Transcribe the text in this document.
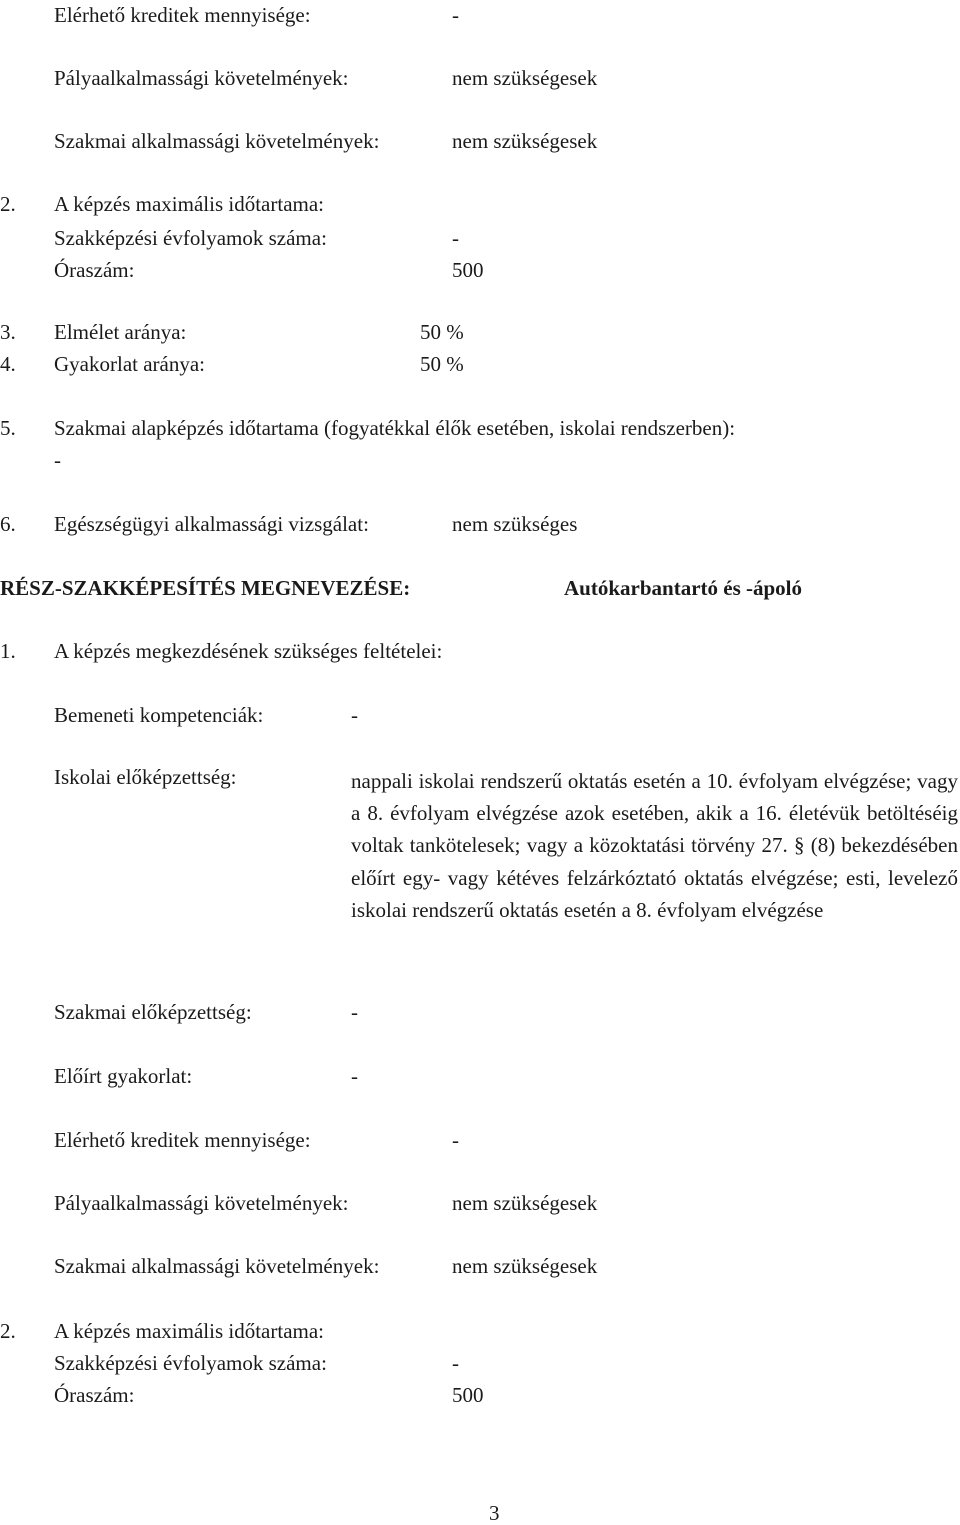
Elérhető kreditek mennyisége:	-
Pályaalkalmassági követelmények:	nem szükségesek
Szakmai alkalmassági követelmények:	nem szükségesek
2. A képzés maximális időtartama:
Szakképzési évfolyamok száma:	-
Óraszám:	500
3. Elmélet aránya:	50 %
4. Gyakorlat aránya:	50 %
5. Szakmai alapképzés időtartama (fogyatékkal élők esetében, iskolai rendszerben):
-
6. Egészségügyi alkalmassági vizsgálat:	nem szükséges
RÉSZ-SZAKKÉPESÍTÉS MEGNEVEZÉSE:	Autókarbantartó és -ápoló
1. A képzés megkezdésének szükséges feltételei:
Bemeneti kompetenciák:	-
Iskolai előképzettség:	nappali iskolai rendszerű oktatás esetén a 10. évfolyam elvégzése; vagy a 8. évfolyam elvégzése azok esetében, akik a 16. életévük betöltéséig voltak tankötelesek; vagy a közoktatási törvény 27. § (8) bekezdésében előírt egy- vagy kétéves felzárkóztató oktatás elvégzése; esti, levelező iskolai rendszerű oktatás esetén a 8. évfolyam elvégzése
Szakmai előképzettség:	-
Előírt gyakorlat:	-
Elérhető kreditek mennyisége:	-
Pályaalkalmassági követelmények:	nem szükségesek
Szakmai alkalmassági követelmények:	nem szükségesek
2. A képzés maximális időtartama:
Szakképzési évfolyamok száma:	-
Óraszám:	500
3
